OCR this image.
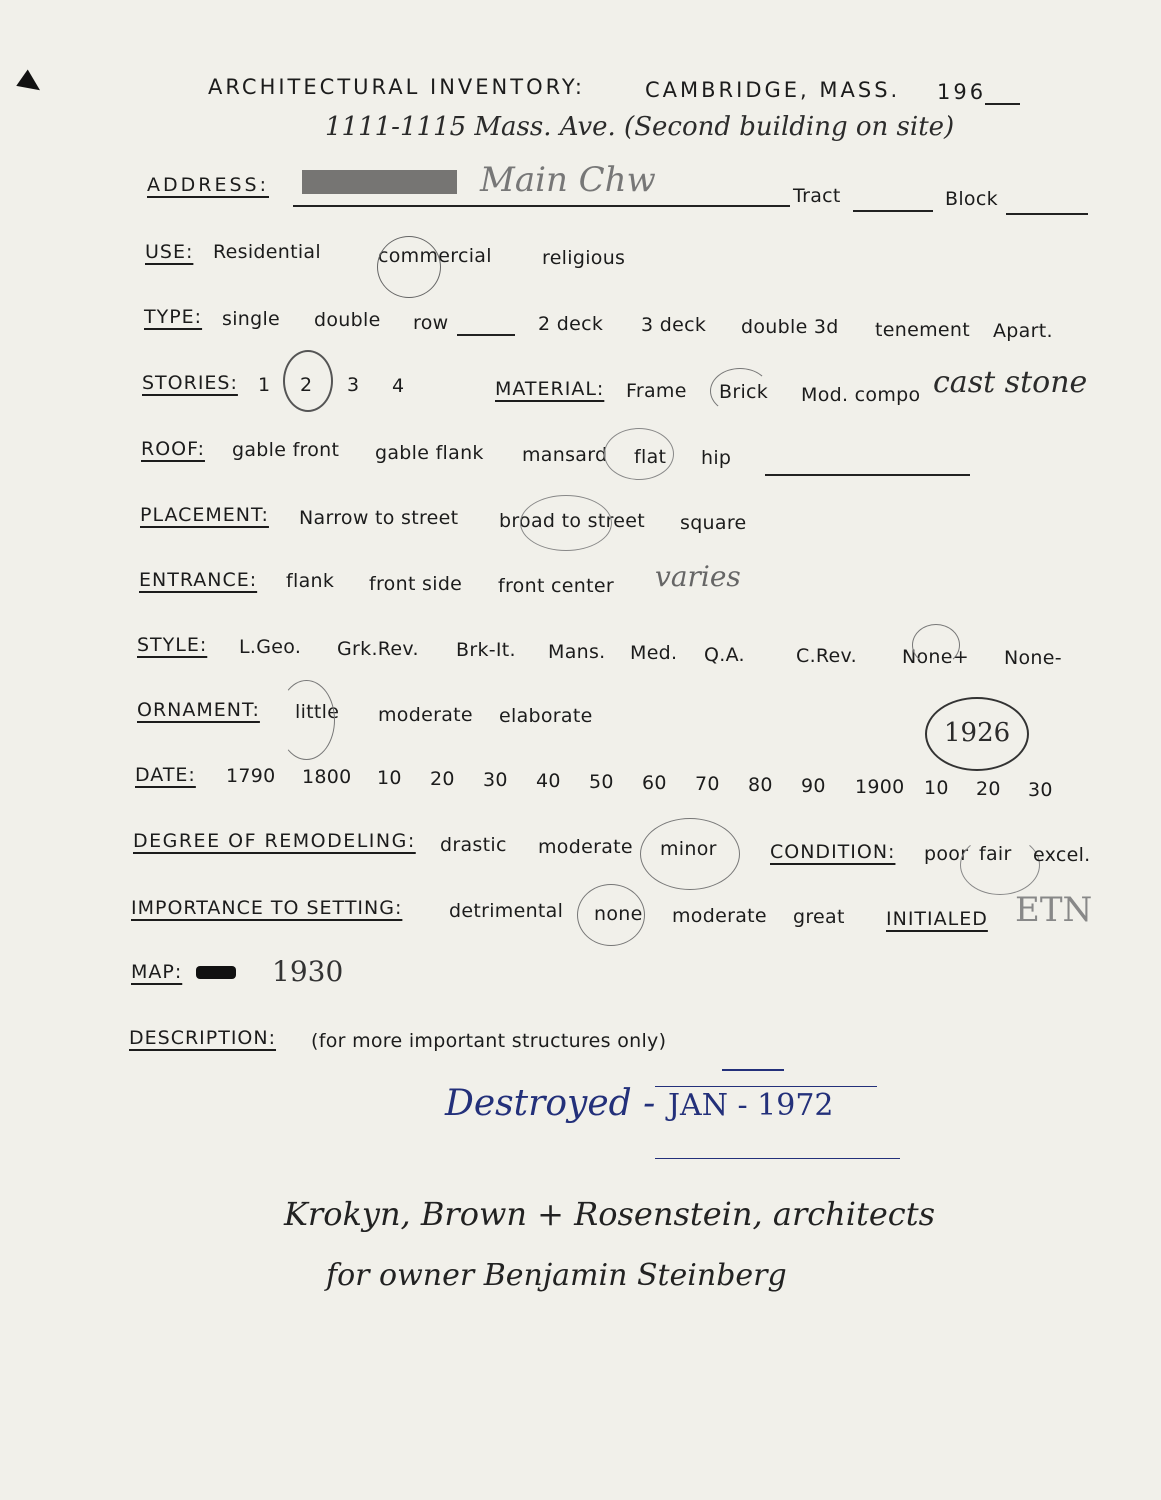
ARCHITECTURAL INVENTORY:	CAMBRIDGE, MASS. 196
1111-1115 Mass. Ave. (Second building on site)
ADDRESS:	Main Chw	Tract	Block
USE: Residential	commercial	religious
TYPE: single double row	2 deck 3 deck double 3d tenement Apart.
STORIES: 1 2 3 4	MATERIAL: Frame Brick Mod. compo cast stone
ROOF: gable front gable flank mansard flat hip
PLACEMENT: Narrow to street broad to street square
ENTRANCE: flank front side front center varies
STYLE: L.Geo. Grk.Rev. Brk-It. Mans. Med. Q.A.	C.Rev. None+ None-
ORNAMENT: little moderate elaborate
1926
DATE: 1790 1800 10 20 30 40 50 60 70 80 90 1900 10 20 30
DEGREE OF REMODELING: drastic moderate minor	CONDITION: poor fair excel.
IMPORTANCE TO SETTING: detrimental none moderate great INITIALED ETN
MAP:	1930
DESCRIPTION: (for more important structures only)
Destroyed - JAN - 1972
Krokyn, Brown + Rosenstein, architects
for owner Benjamin Steinberg
